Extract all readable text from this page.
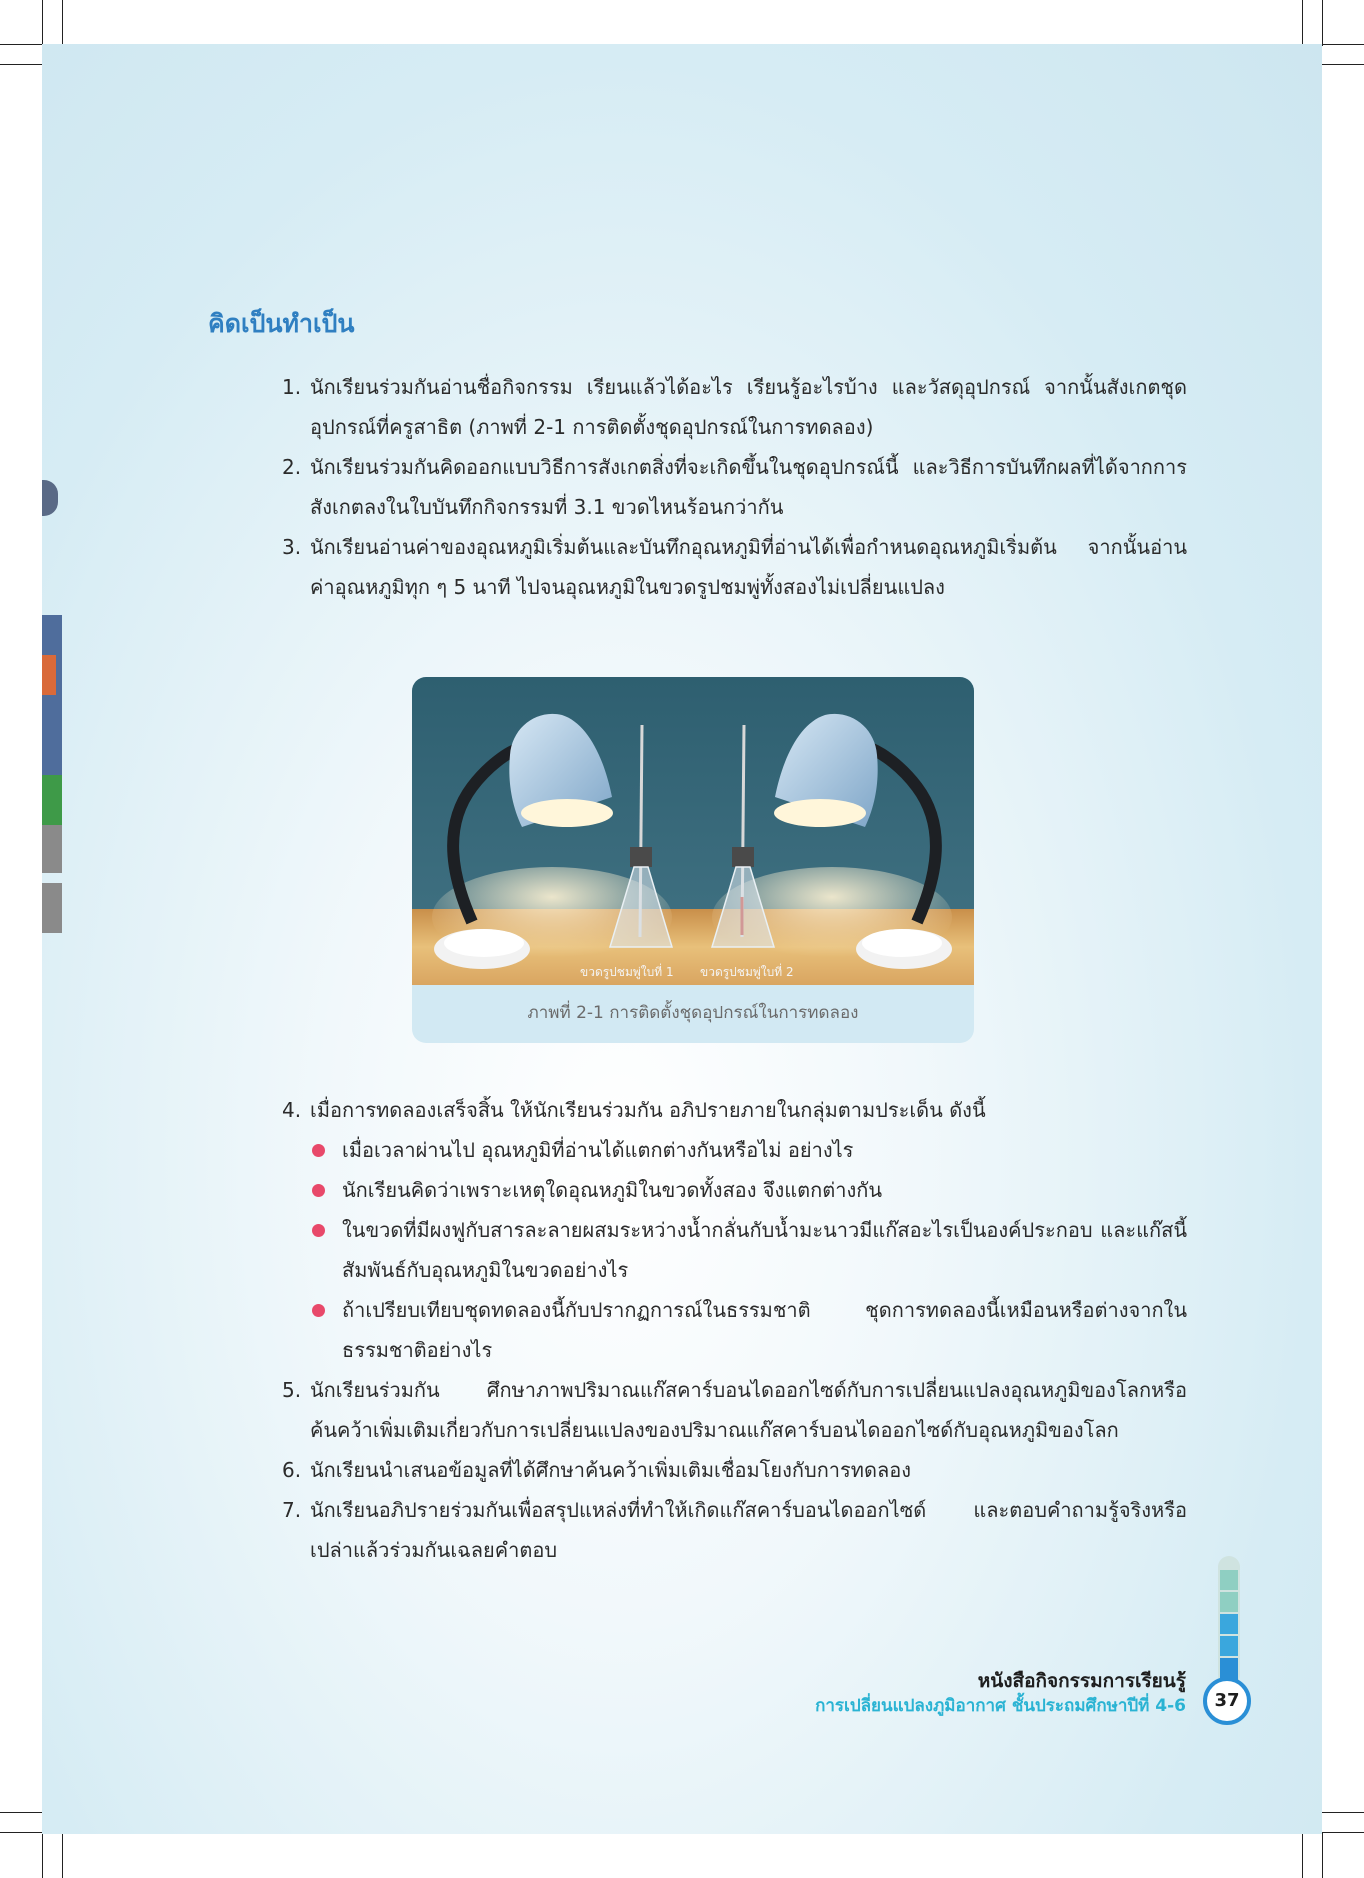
คิดเป็นทำเป็น
1. นักเรียนร่วมกันอ่านชื่อกิจกรรม เรียนแล้วได้อะไร เรียนรู้อะไรบ้าง และวัสดุอุปกรณ์ จากนั้นสังเกตชุดอุปกรณ์ที่ครูสาธิต (ภาพที่ 2-1 การติดตั้งชุดอุปกรณ์ในการทดลอง)
2. นักเรียนร่วมกันคิดออกแบบวิธีการสังเกตสิ่งที่จะเกิดขึ้นในชุดอุปกรณ์นี้ และวิธีการบันทึกผลที่ได้จากการสังเกตลงในใบบันทึกกิจกรรมที่ 3.1 ขวดไหนร้อนกว่ากัน
3. นักเรียนอ่านค่าของอุณหภูมิเริ่มต้นและบันทึกอุณหภูมิที่อ่านได้เพื่อกำหนดอุณหภูมิเริ่มต้น จากนั้นอ่านค่าอุณหภูมิทุก ๆ 5 นาที ไปจนอุณหภูมิในขวดรูปชมพู่ทั้งสองไม่เปลี่ยนแปลง
ขวดรูปชมพู่ใบที่ 1 ขวดรูปชมพู่ใบที่ 2
ภาพที่ 2-1 การติดตั้งชุดอุปกรณ์ในการทดลอง
4. เมื่อการทดลองเสร็จสิ้น ให้นักเรียนร่วมกัน อภิปรายภายในกลุ่มตามประเด็น ดังนี้
เมื่อเวลาผ่านไป อุณหภูมิที่อ่านได้แตกต่างกันหรือไม่ อย่างไร
นักเรียนคิดว่าเพราะเหตุใดอุณหภูมิในขวดทั้งสอง จึงแตกต่างกัน
ในขวดที่มีผงฟูกับสารละลายผสมระหว่างน้ำกลั่นกับน้ำมะนาวมีแก๊สอะไรเป็นองค์ประกอบ และแก๊สนี้สัมพันธ์กับอุณหภูมิในขวดอย่างไร
ถ้าเปรียบเทียบชุดทดลองนี้กับปรากฏการณ์ในธรรมชาติ ชุดการทดลองนี้เหมือนหรือต่างจากในธรรมชาติอย่างไร
5. นักเรียนร่วมกัน ศึกษาภาพปริมาณแก๊สคาร์บอนไดออกไซด์กับการเปลี่ยนแปลงอุณหภูมิของโลกหรือค้นคว้าเพิ่มเติมเกี่ยวกับการเปลี่ยนแปลงของปริมาณแก๊สคาร์บอนไดออกไซด์กับอุณหภูมิของโลก
6. นักเรียนนำเสนอข้อมูลที่ได้ศึกษาค้นคว้าเพิ่มเติมเชื่อมโยงกับการทดลอง
7. นักเรียนอภิปรายร่วมกันเพื่อสรุปแหล่งที่ทำให้เกิดแก๊สคาร์บอนไดออกไซด์ และตอบคำถามรู้จริงหรือเปล่าแล้วร่วมกันเฉลยคำตอบ
หนังสือกิจกรรมการเรียนรู้
การเปลี่ยนแปลงภูมิอากาศ ชั้นประถมศึกษาปีที่ 4-6	37
